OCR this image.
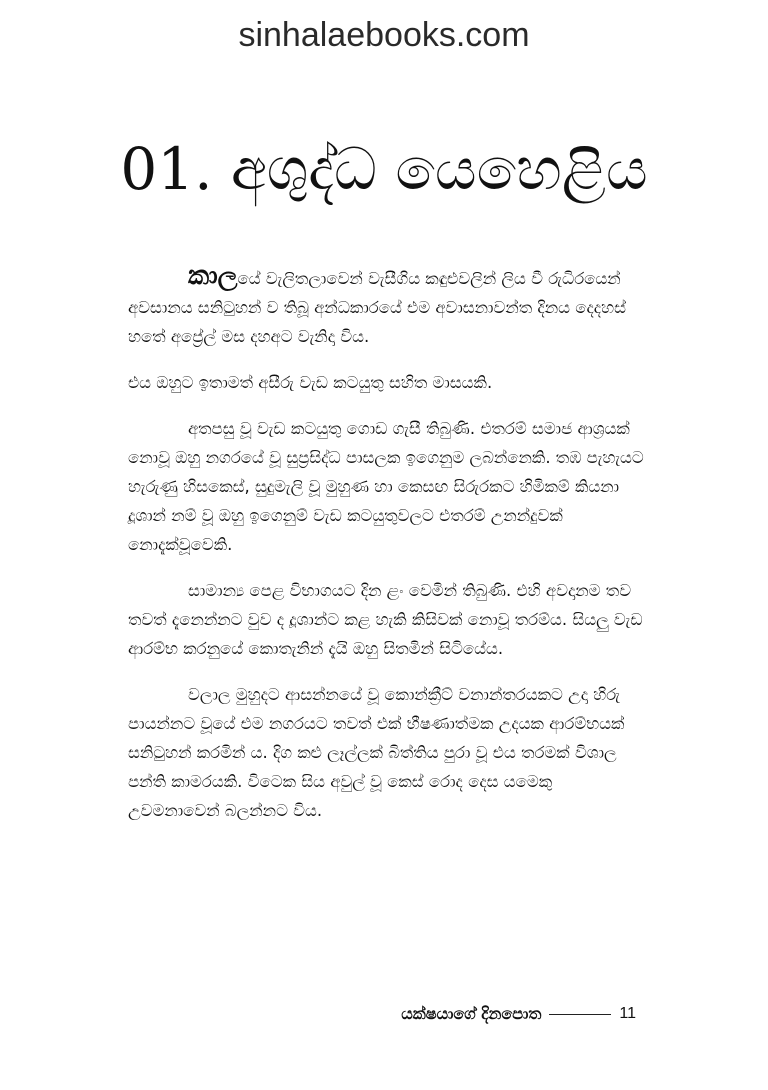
sinhalaebooks.com
01. අශුද්ධ යෙහෙළිය

කාලයේ වැලිතලාවෙන් වැසීගිය කඳුළුවලින් ලිය වී රුධිරයෙන් අවසානය සනිටුහන් ව තිබූ අන්ධකාරයේ එම අවාසනාවන්ත දිනය දෙදහස් හතේ අප්‍රේල් මස දහඅට වැනිදා විය.

එය ඔහුට ඉතාමත් අසීරු වැඩ කටයුතු සහිත මාසයකි.

අතපසු වූ වැඩ කටයුතු ගොඩ ගැසී තිබුණි. එතරම් සමාජ ආශ්‍රයක් නොවූ ඔහු නගරයේ වූ සුප්‍රසිද්ධ පාසලක ඉගෙනුම ලබන්නෙකි. තඹ පැහැයට හැරුණු හිසකෙස්, සුදුමැලි වූ මුහුණ හා කෙසඟ සිරුරකට හිමිකම් කියනා දූශාන් නම් වූ ඔහු ඉගෙනුම් වැඩ කටයුතුවලට එතරම් උනන්දුවක් නොදැක්වූවෙකි.

සාමාන්‍ය පෙළ විභාගයට දින ළං වෙමින් තිබුණි. එහි අවදානම තව තවත් දැනෙන්නට වුව ද දූශාන්ට කළ හැකි කිසිවක් නොවූ තරම්ය. සියලු වැඩ ආරම්භ කරනුයේ කොතැනින් දැයි ඔහු සිතමින් සිටියේය.

වලාල මුහුදට ආසන්නයේ වූ කොන්ක්‍රීට් වනාන්තරයකට උදා හිරු පායන්නට වූයේ එම නගරයට තවත් එක් භීෂණාත්මක උදයක ආරම්භයක් සනිටුහන් කරමින් ය. දිග කළු ලෑල්ලක් බිත්තිය පුරා වූ එය තරමක් විශාල පන්ති කාමරයකි. විටෙක සිය අවුල් වූ කෙස් රොද දෙස යමෙකු උවමනාවෙන් බලන්නට විය.

යක්ෂයාගේ දිනපොත	11
